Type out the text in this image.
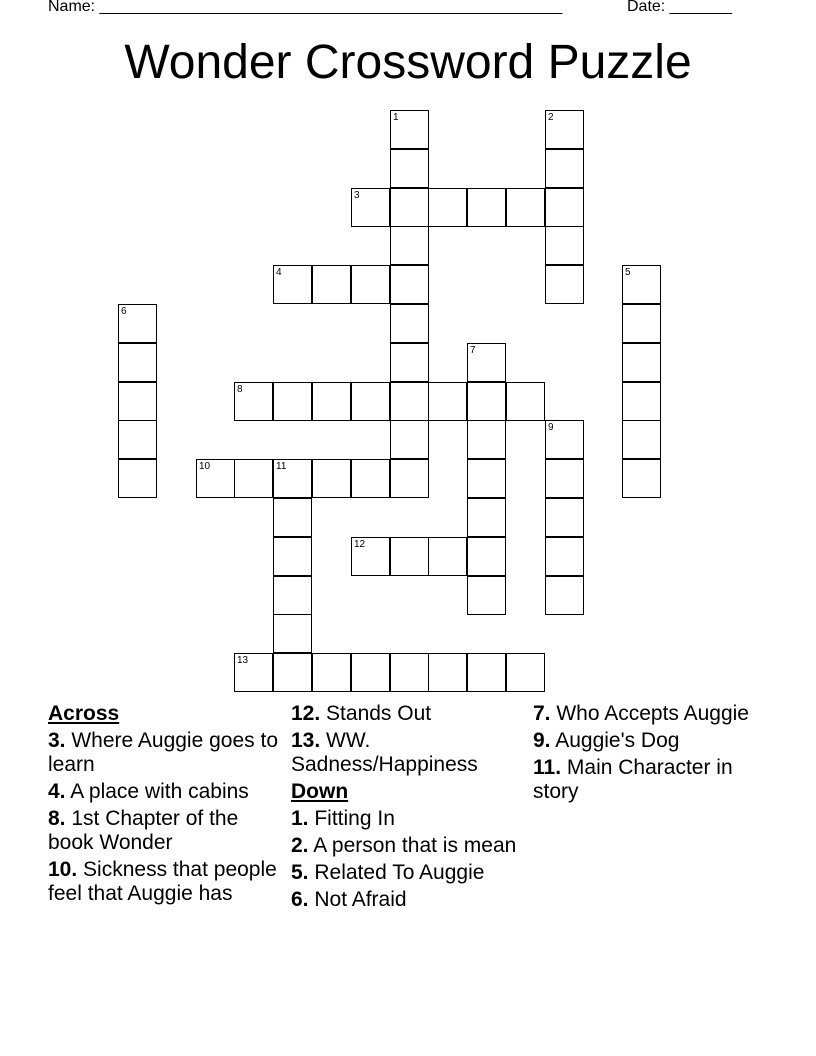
Name: ____________________________________________________	Date: _______
Wonder Crossword Puzzle
1	2
3
4	5
6
7
8
9
10	11
12
13
Across
3. Where Auggie goes to learn
4. A place with cabins
8. 1st Chapter of the book Wonder
10. Sickness that people feel that Auggie has
12. Stands Out
13. WW. Sadness/Happiness
Down
1. Fitting In
2. A person that is mean
5. Related To Auggie
6. Not Afraid
7. Who Accepts Auggie
9. Auggie's Dog
11. Main Character in story
